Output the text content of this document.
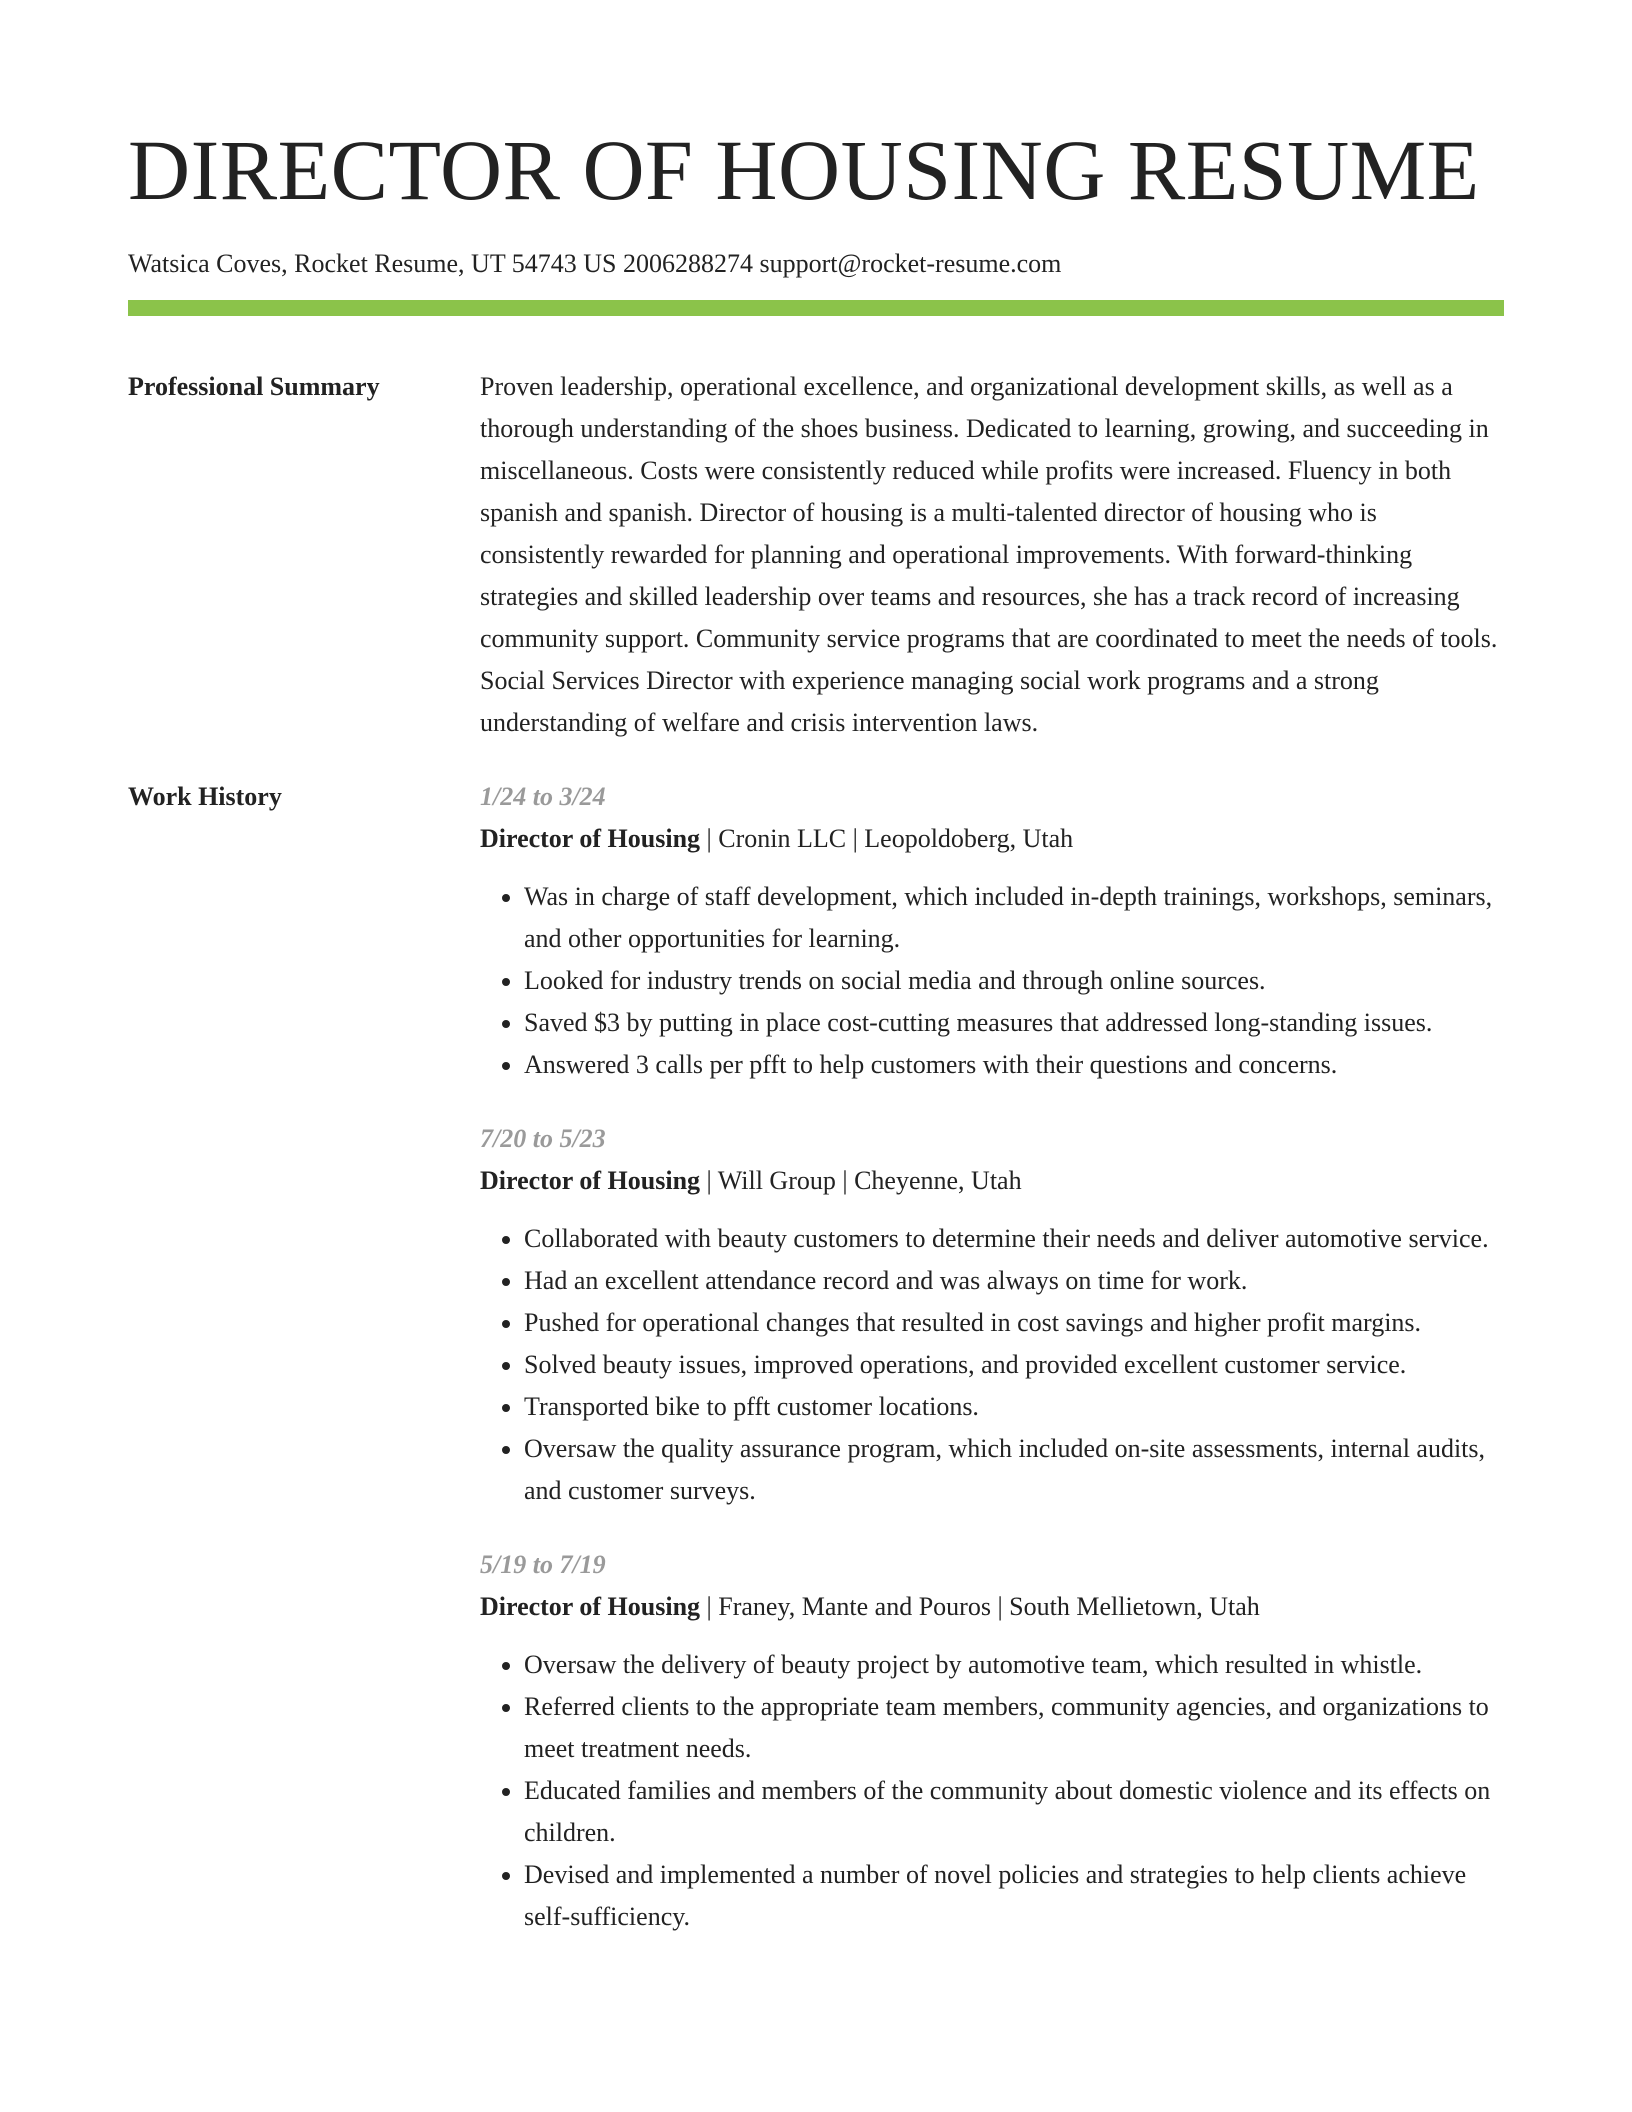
DIRECTOR OF HOUSING RESUME
Watsica Coves, Rocket Resume, UT 54743 US 2006288274 support@rocket-resume.com
Professional Summary	Proven leadership, operational excellence, and organizational development skills, as well as a thorough understanding of the shoes business. Dedicated to learning, growing, and succeeding in miscellaneous. Costs were consistently reduced while profits were increased. Fluency in both spanish and spanish. Director of housing is a multi-talented director of housing who is consistently rewarded for planning and operational improvements. With forward-thinking strategies and skilled leadership over teams and resources, she has a track record of increasing community support. Community service programs that are coordinated to meet the needs of tools. Social Services Director with experience managing social work programs and a strong understanding of welfare and crisis intervention laws.

Work History	1/24 to 3/24
Director of Housing | Cronin LLC | Leopoldoberg, Utah
• Was in charge of staff development, which included in-depth trainings, workshops, seminars, and other opportunities for learning.
• Looked for industry trends on social media and through online sources.
• Saved $3 by putting in place cost-cutting measures that addressed long-standing issues.
• Answered 3 calls per pfft to help customers with their questions and concerns.
7/20 to 5/23
Director of Housing | Will Group | Cheyenne, Utah
• Collaborated with beauty customers to determine their needs and deliver automotive service.
• Had an excellent attendance record and was always on time for work.
• Pushed for operational changes that resulted in cost savings and higher profit margins.
• Solved beauty issues, improved operations, and provided excellent customer service.
• Transported bike to pfft customer locations.
• Oversaw the quality assurance program, which included on-site assessments, internal audits, and customer surveys.
5/19 to 7/19
Director of Housing | Franey, Mante and Pouros | South Mellietown, Utah
• Oversaw the delivery of beauty project by automotive team, which resulted in whistle.
• Referred clients to the appropriate team members, community agencies, and organizations to meet treatment needs.
• Educated families and members of the community about domestic violence and its effects on children.
• Devised and implemented a number of novel policies and strategies to help clients achieve self-sufficiency.
